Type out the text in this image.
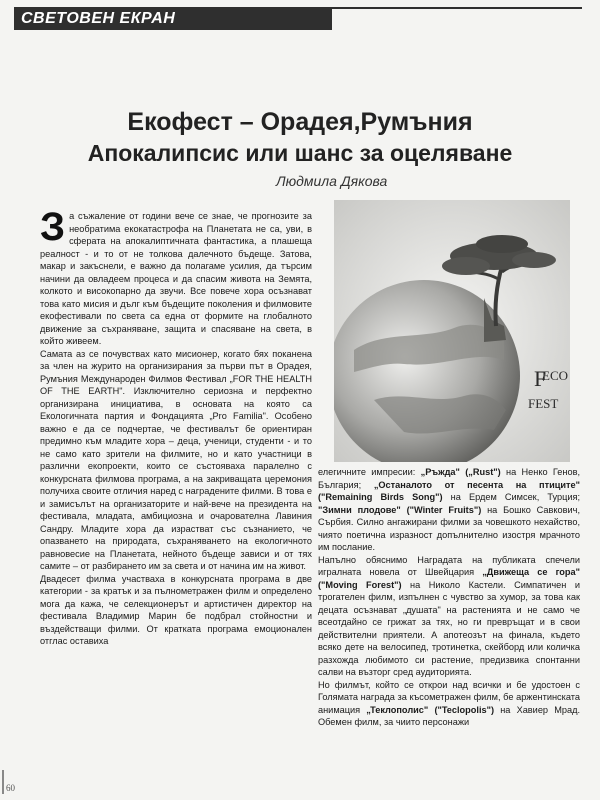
СВЕТОВЕН ЕКРАН
Екофест – Орадея,Румъния
Апокалипсис или шанс за оцеляване
Людмила Дякова

За съжаление от години вече се знае, че прогнозите за необратима екокатастрофа на Планетата не са, уви, в сферата на апокалиптичната фантастика, а плашеща реалност - и то от не толкова далечното бъдеще. Затова, макар и закъснели, е важно да полагаме усилия, да търсим начини да овладеем процеса и да спасим живота на Земята, колкото и високопарно да звучи. Все повече хора осъзнават това като мисия и дълг към бъдещите поколения и филмовите екофестивали по света са една от формите на глобалното движение за съхраняване, защита и спасяване на света, в който живеем.

Самата аз се почувствах като мисионер, когато бях поканена за член на журито на организирания за първи път в Орадея, Румъния Международен Филмов Фестивал „FOR THE HEALTH OF THE EARTH". Изключително сериозна и перфектно организирана инициатива, в основата на която са Екологичната партия и Фондацията „Pro Familia". Особено важно е да се подчертае, че фестивалът бе ориентиран предимно към младите хора – деца, ученици, студенти - и то не само като зрители на филмите, но и като участници в различни екопроекти, които се състояваха паралелно с конкурсната филмова програма, а на закриващата церемония получиха своите отличия наред с наградените филми. В това е и замисълът на организаторите и най-вече на президента на фестивала, младата, амбициозна и очарователна Лавиния Сандру. Младите хора да израстват със съзнанието, че опазването на природата, съхраняването на екологичното равновесие на Планетата, нейното бъдеще зависи и от тях самите – от разбирането им за света и от начина им на живот.

Двадесет филма участваха в конкурсната програма в две категории - за кратък и за пълнометражен филм и определено мога да кажа, че селекционерът и артистичен директор на фестивала Владимир Марин бе подбрал стойностни и въздействащи филми. От кратката програма емоционален отглас оставиха

F
ECO
FEST

елегичните импресии: „Ръжда" („Rust") на Ненко Генов, България; „Останалото от песента на птиците" ("Remaining Birds Song") на Ердем Симсек, Турция; "Зимни плодове" ("Winter Fruits") на Бошко Савкович, Сърбия. Силно ангажирани филми за човешкото нехайство, чиято поетична изразност допълнително изостря мрачното им послание.

Напълно обяснимо Наградата на публиката спечели игралната новела от Швейцария „Движеща се гора" ("Moving Forest") на Николо Кастели. Симпатичен и трогателен филм, изпълнен с чувство за хумор, за това как децата осъзнават „душата" на растенията и не само че всеотдайно се грижат за тях, но ги превръщат и в свои действителни приятели. А апотеозът на финала, където всяко дете на велосипед, тротинетка, скейборд или количка разхожда любимото си растение, предизвика спонтанни салви на възторг сред аудиторията.

Но филмът, който се открои над всички и бе удостоен с Голямата награда за късометражен филм, бе аржентинската анимация „Теклополис" ("Teclopolis") на Хавиер Мрад. Обемен филм, за чиито персонажи

60
